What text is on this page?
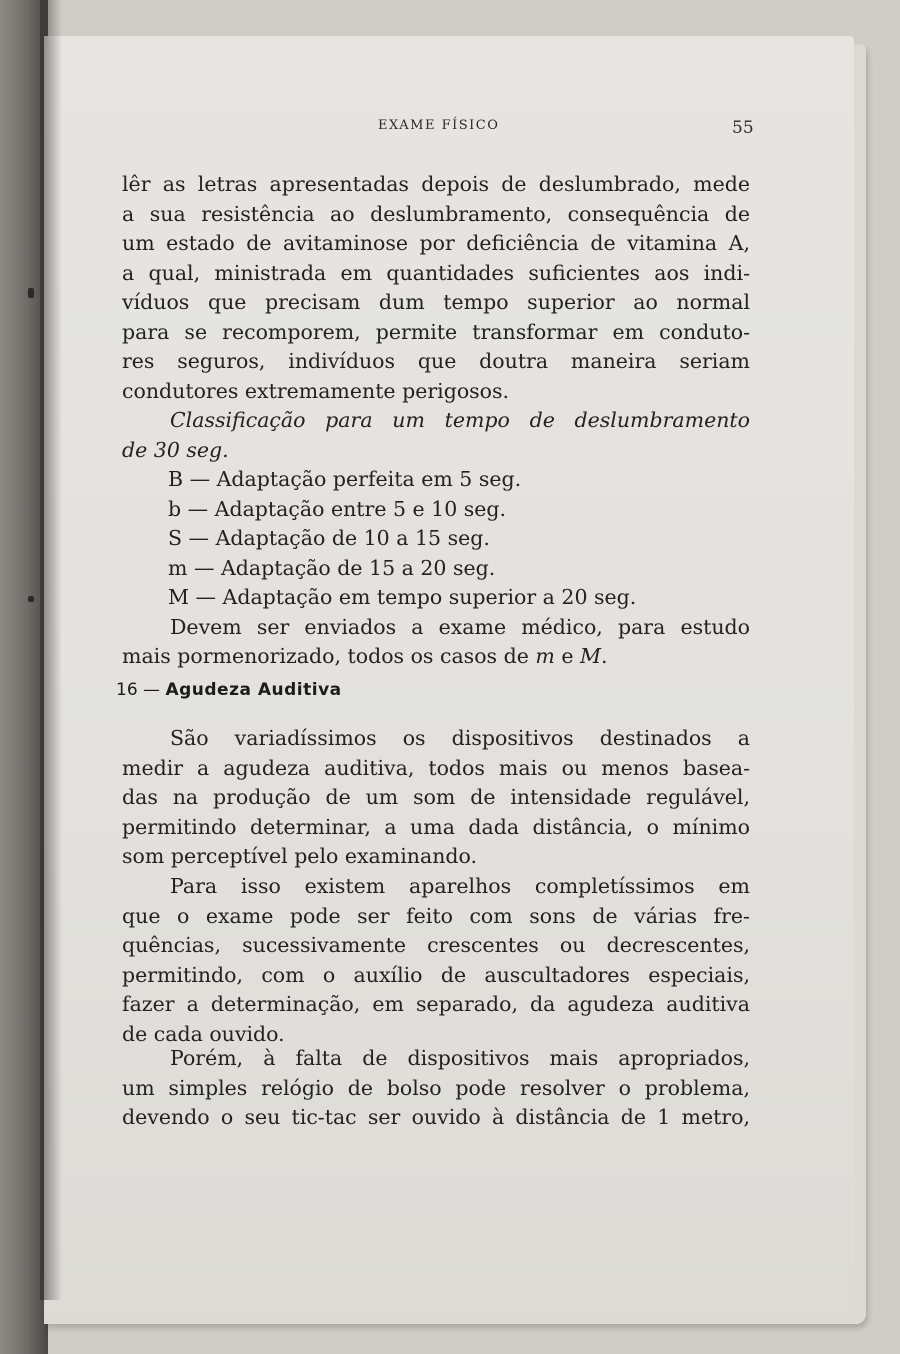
EXAME FÍSICO	55
lêr as letras apresentadas depois de deslumbrado, mede
a sua resistência ao deslumbramento, consequência de
um estado de avitaminose por deficiência de vitamina A,
a qual, ministrada em quantidades suficientes aos indi-
víduos que precisam dum tempo superior ao normal
para se recomporem, permite transformar em conduto-
res seguros, indivíduos que doutra maneira seriam
condutores extremamente perigosos.
Classificação para um tempo de deslumbramento
de 30 seg.
B — Adaptação perfeita em 5 seg.
b — Adaptação entre 5 e 10 seg.
S — Adaptação de 10 a 15 seg.
m — Adaptação de 15 a 20 seg.
M — Adaptação em tempo superior a 20 seg.
Devem ser enviados a exame médico, para estudo
mais pormenorizado, todos os casos de m e M.
16 — Agudeza Auditiva
São variadíssimos os dispositivos destinados a
medir a agudeza auditiva, todos mais ou menos basea-
das na produção de um som de intensidade regulável,
permitindo determinar, a uma dada distância, o mínimo
som perceptível pelo examinando.
Para isso existem aparelhos completíssimos em
que o exame pode ser feito com sons de várias fre-
quências, sucessivamente crescentes ou decrescentes,
permitindo, com o auxílio de auscultadores especiais,
fazer a determinação, em separado, da agudeza auditiva
de cada ouvido.
Porém, à falta de dispositivos mais apropriados,
um simples relógio de bolso pode resolver o problema,
devendo o seu tic-tac ser ouvido à distância de 1 metro,
